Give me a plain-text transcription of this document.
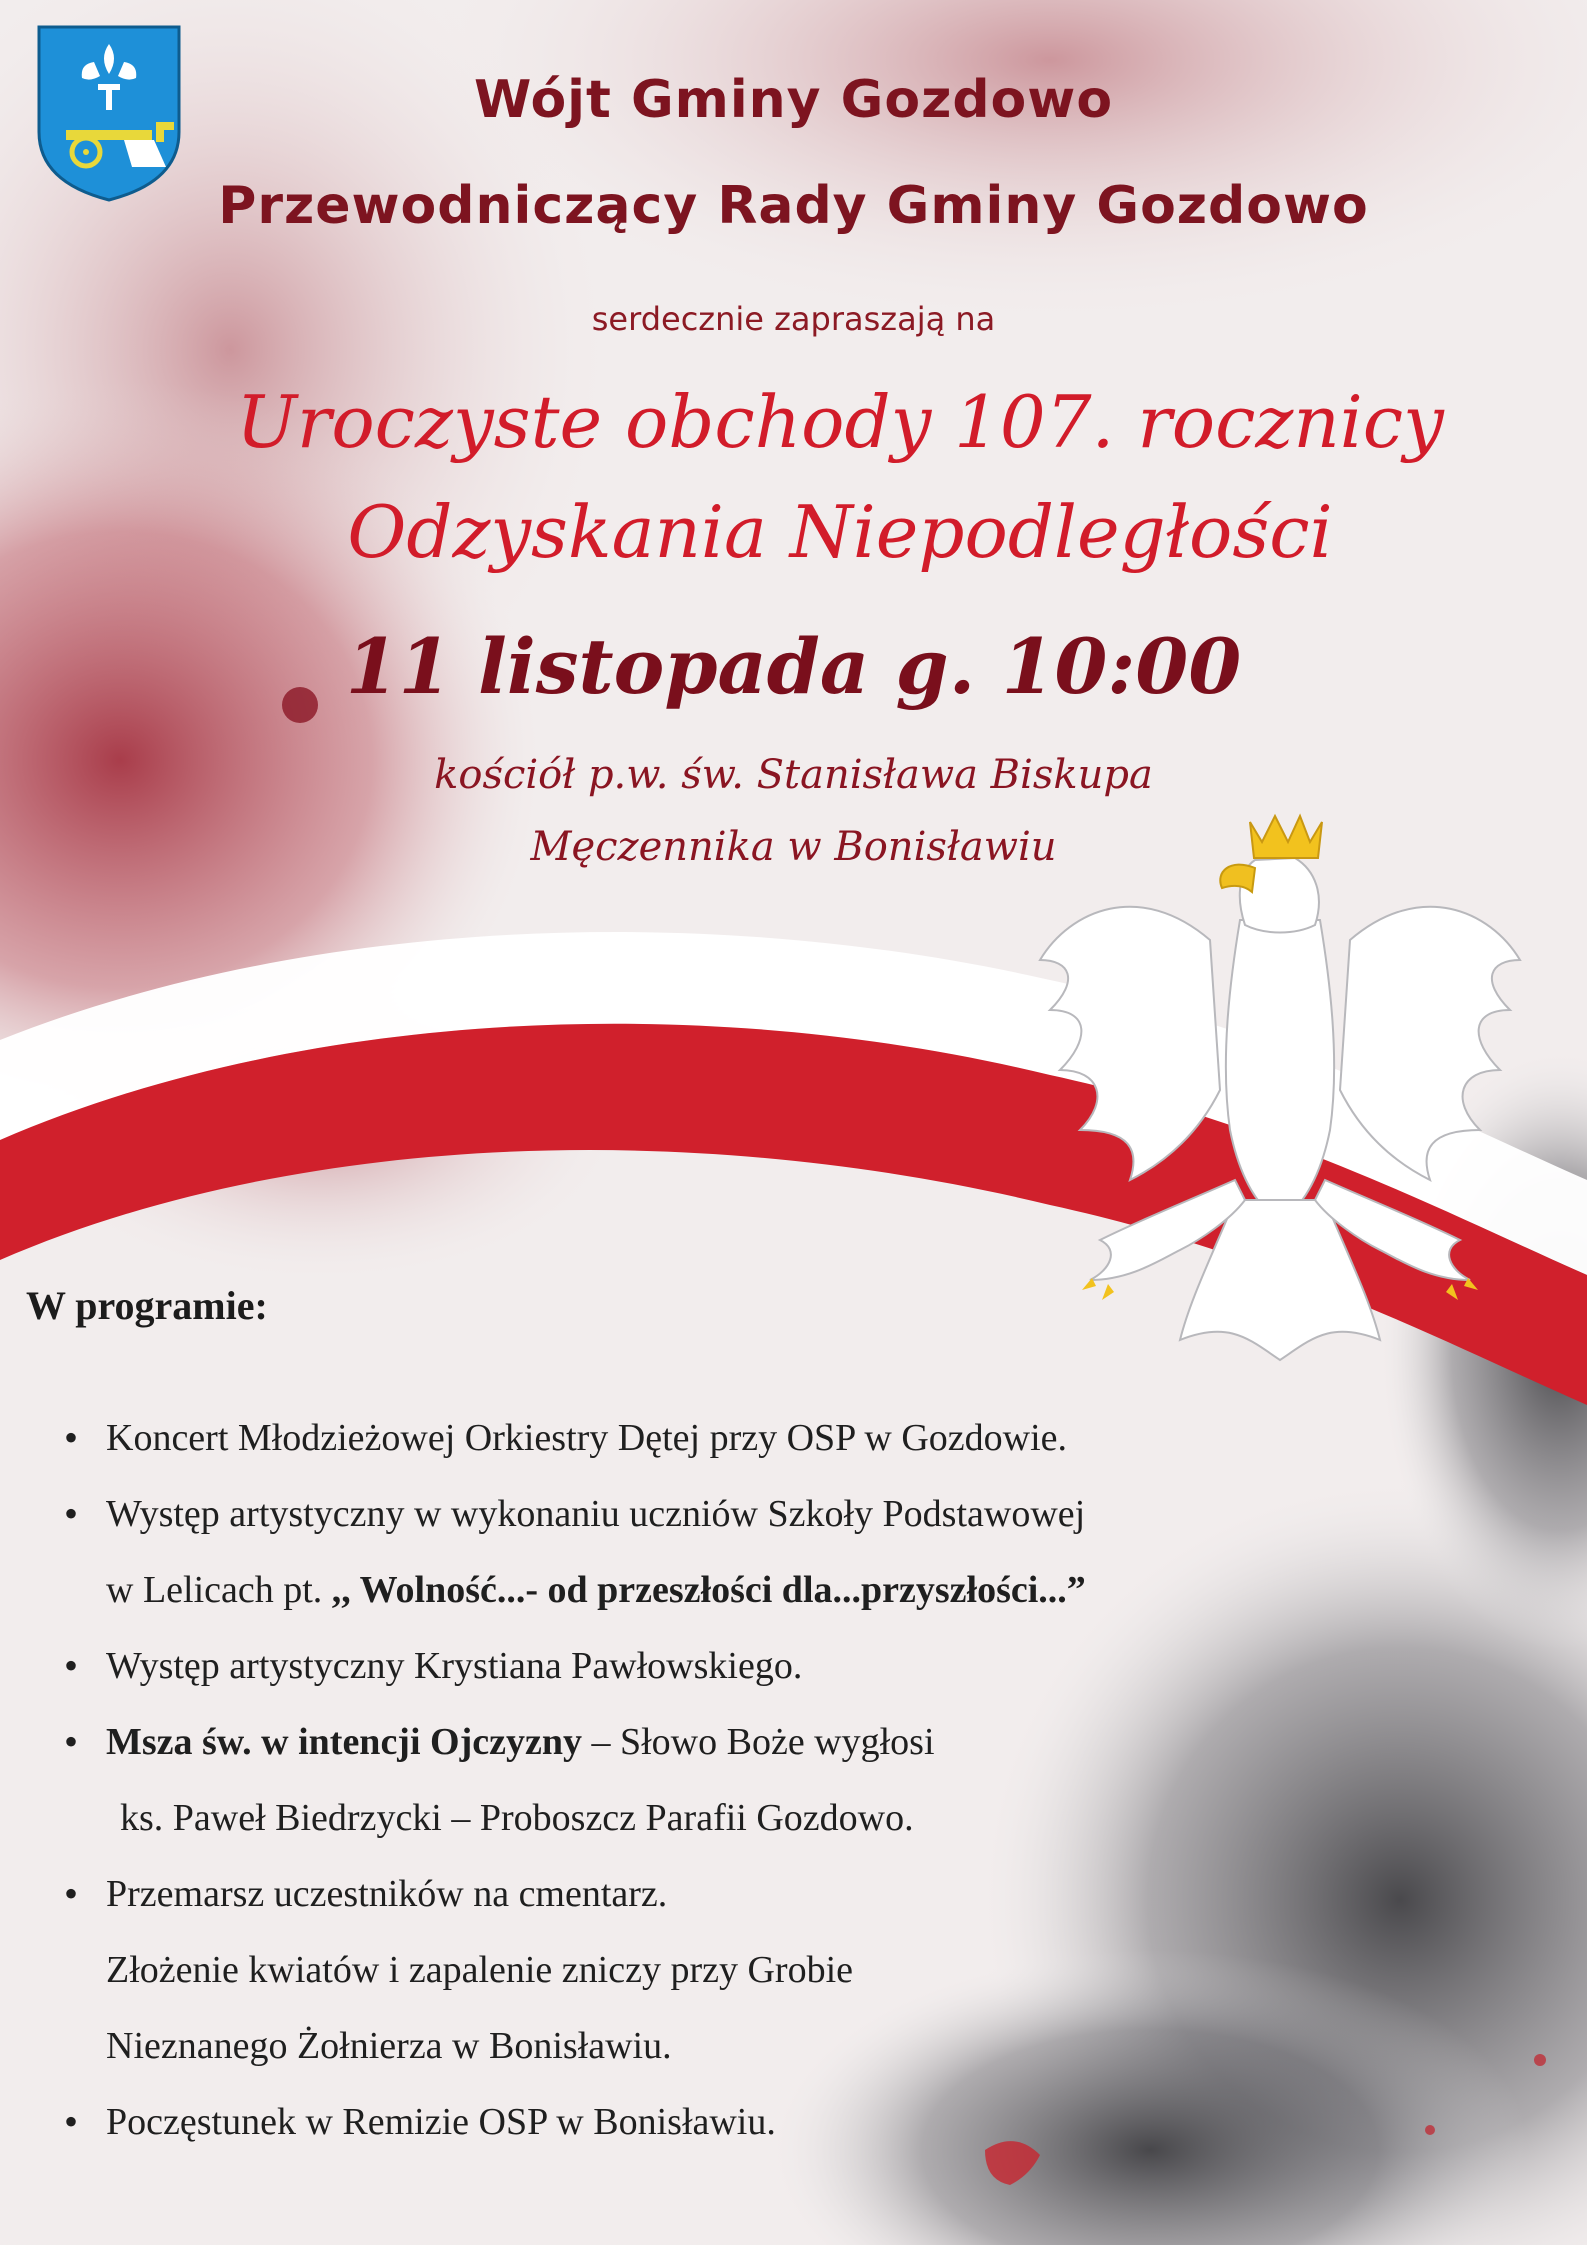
Wójt Gminy Gozdowo
Przewodniczący Rady Gminy Gozdowo
serdecznie zapraszają na
Uroczyste obchody 107. rocznicy
Odzyskania Niepodległości
11 listopada g. 10:00
kościół p.w. św. Stanisława Biskupa
Męczennika w Bonisławiu
W programie:
• Koncert Młodzieżowej Orkiestry Dętej przy OSP w Gozdowie.
• Występ artystyczny w wykonaniu uczniów Szkoły Podstawowej
w Lelicach pt. ,, Wolność...- od przeszłości dla...przyszłości...”
• Występ artystyczny Krystiana Pawłowskiego.
• Msza św. w intencji Ojczyzny – Słowo Boże wygłosi
ks. Paweł Biedrzycki – Proboszcz Parafii Gozdowo.
• Przemarsz uczestników na cmentarz.
Złożenie kwiatów i zapalenie zniczy przy Grobie
Nieznanego Żołnierza w Bonisławiu.
• Poczęstunek w Remizie OSP w Bonisławiu.
